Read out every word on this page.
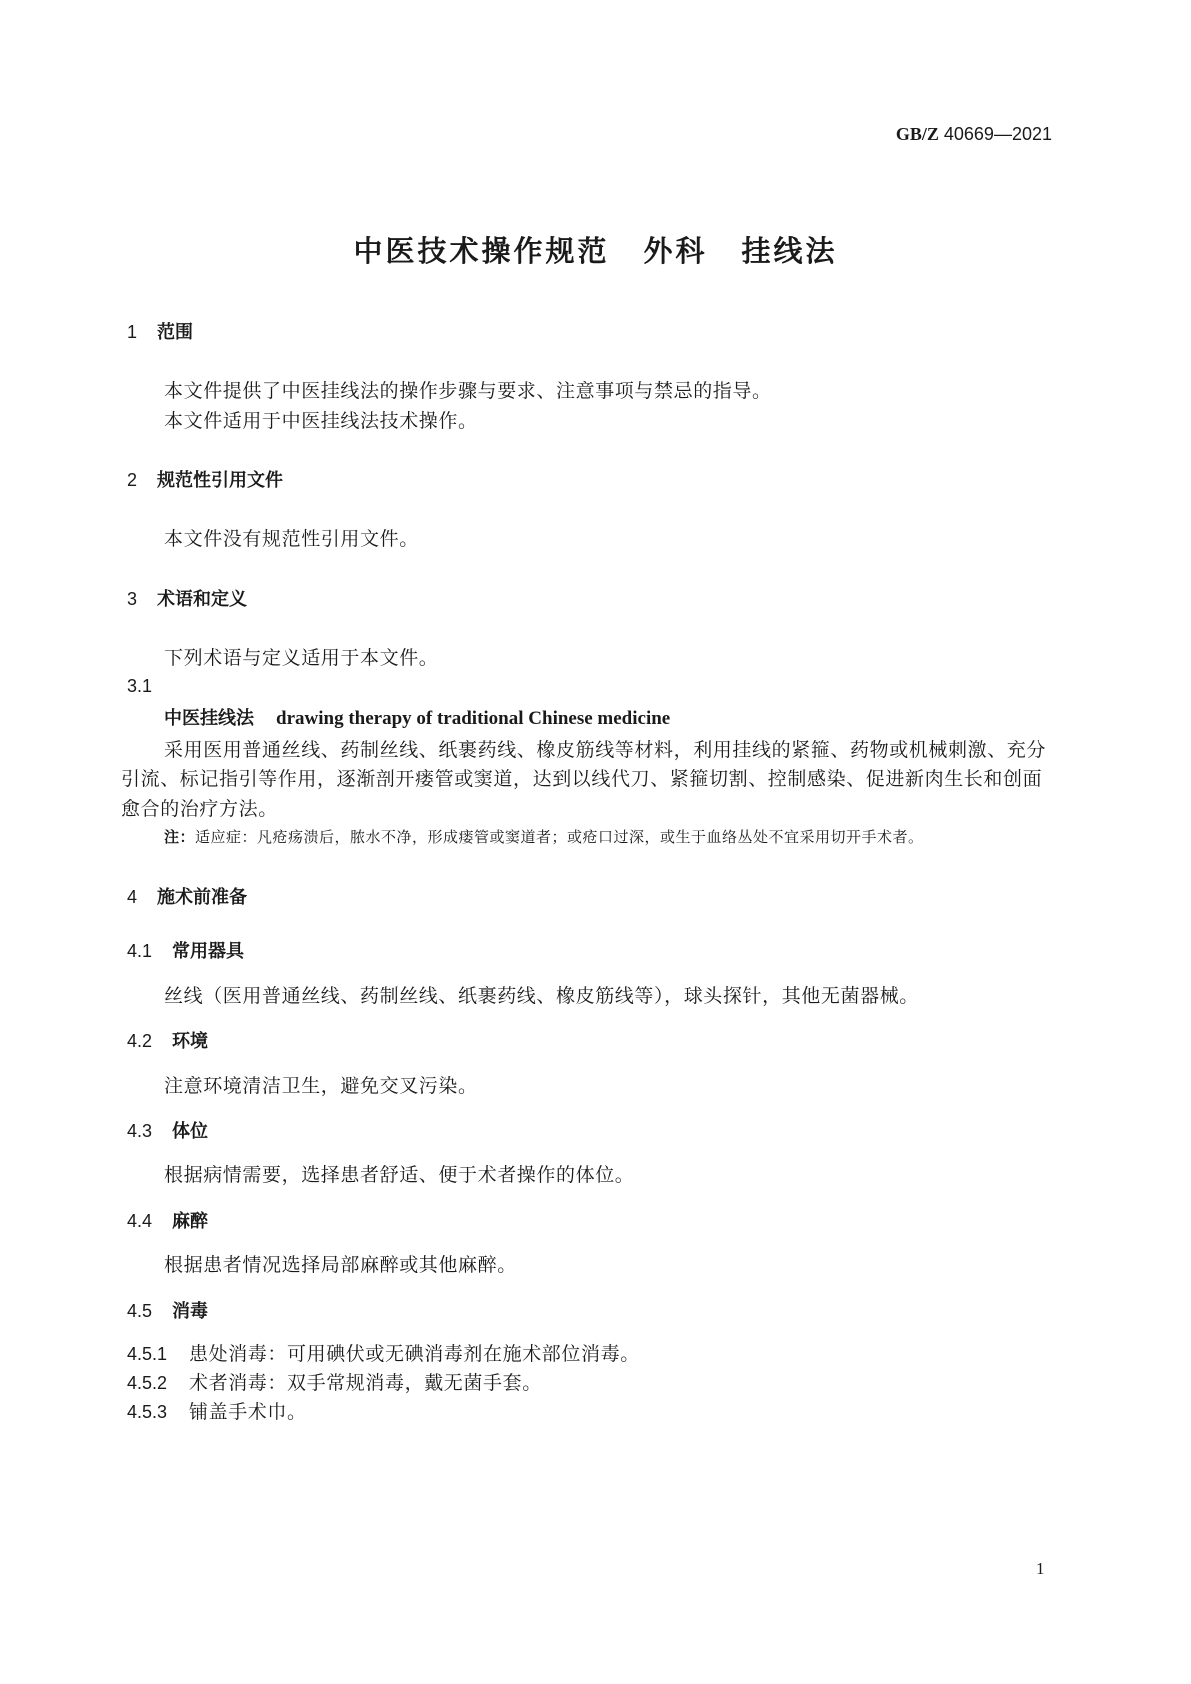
GB/Z 40669—2021
中医技术操作规范 外科 挂线法
1 范围
本文件提供了中医挂线法的操作步骤与要求、注意事项与禁忌的指导。
本文件适用于中医挂线法技术操作。
2 规范性引用文件
本文件没有规范性引用文件。
3 术语和定义
下列术语与定义适用于本文件。
3.1
中医挂线法 drawing therapy of traditional Chinese medicine
采用医用普通丝线、药制丝线、纸裹药线、橡皮筋线等材料，利用挂线的紧箍、药物或机械刺激、充分
引流、标记指引等作用，逐渐剖开瘘管或窦道，达到以线代刀、紧箍切割、控制感染、促进新肉生长和创面
愈合的治疗方法。
注：适应症：凡疮疡溃后，脓水不净，形成瘘管或窦道者；或疮口过深，或生于血络丛处不宜采用切开手术者。
4 施术前准备
4.1 常用器具
丝线（医用普通丝线、药制丝线、纸裹药线、橡皮筋线等），球头探针，其他无菌器械。
4.2 环境
注意环境清洁卫生，避免交叉污染。
4.3 体位
根据病情需要，选择患者舒适、便于术者操作的体位。
4.4 麻醉
根据患者情况选择局部麻醉或其他麻醉。
4.5 消毒
4.5.1 患处消毒：可用碘伏或无碘消毒剂在施术部位消毒。
4.5.2 术者消毒：双手常规消毒，戴无菌手套。
4.5.3 铺盖手术巾。
1
